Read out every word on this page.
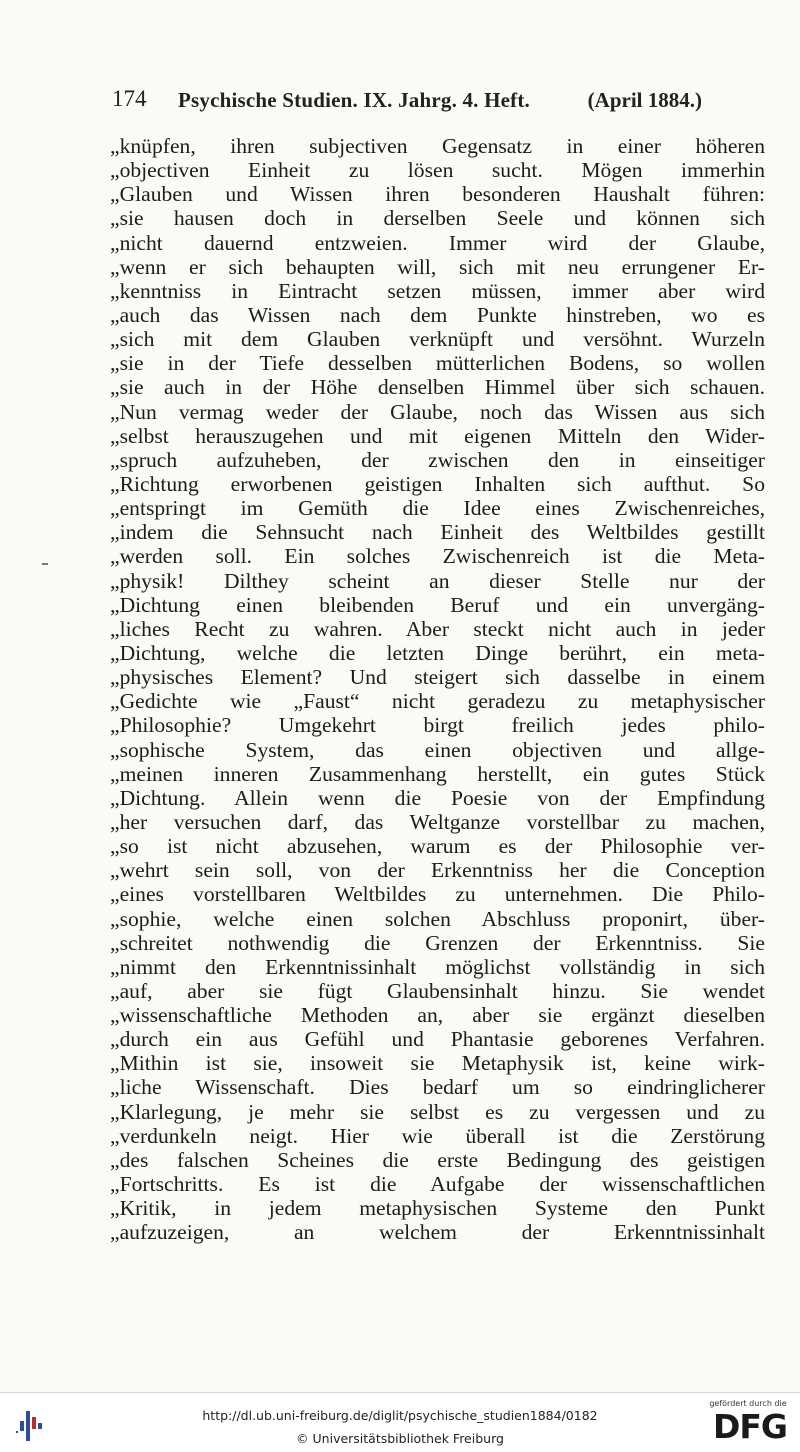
174 Psychische Studien. IX. Jahrg. 4. Heft.	(April 1884.)
„knüpfen, ihren subjectiven Gegensatz in einer höheren
„objectiven Einheit zu lösen sucht. Mögen immerhin
„Glauben und Wissen ihren besonderen Haushalt führen:
„sie hausen doch in derselben Seele und können sich
„nicht dauernd entzweien. Immer wird der Glaube,
„wenn er sich behaupten will, sich mit neu errungener Er-
„kenntniss in Eintracht setzen müssen, immer aber wird
„auch das Wissen nach dem Punkte hinstreben, wo es
„sich mit dem Glauben verknüpft und versöhnt. Wurzeln
„sie in der Tiefe desselben mütterlichen Bodens, so wollen
„sie auch in der Höhe denselben Himmel über sich schauen.
„Nun vermag weder der Glaube, noch das Wissen aus sich
„selbst herauszugehen und mit eigenen Mitteln den Wider-
„spruch aufzuheben, der zwischen den in einseitiger
„Richtung erworbenen geistigen Inhalten sich aufthut. So
„entspringt im Gemüth die Idee eines Zwischenreiches,
„indem die Sehnsucht nach Einheit des Weltbildes gestillt
„werden soll. Ein solches Zwischenreich ist die Meta-
„physik! Dilthey scheint an dieser Stelle nur der
„Dichtung einen bleibenden Beruf und ein unvergäng-
„liches Recht zu wahren. Aber steckt nicht auch in jeder
„Dichtung, welche die letzten Dinge berührt, ein meta-
„physisches Element? Und steigert sich dasselbe in einem
„Gedichte wie „Faust“ nicht geradezu zu metaphysischer
„Philosophie? Umgekehrt birgt freilich jedes philo-
„sophische System, das einen objectiven und allge-
„meinen inneren Zusammenhang herstellt, ein gutes Stück
„Dichtung. Allein wenn die Poesie von der Empfindung
„her versuchen darf, das Weltganze vorstellbar zu machen,
„so ist nicht abzusehen, warum es der Philosophie ver-
„wehrt sein soll, von der Erkenntniss her die Conception
„eines vorstellbaren Weltbildes zu unternehmen. Die Philo-
„sophie, welche einen solchen Abschluss proponirt, über-
„schreitet nothwendig die Grenzen der Erkenntniss. Sie
„nimmt den Erkenntnissinhalt möglichst vollständig in sich
„auf, aber sie fügt Glaubensinhalt hinzu. Sie wendet
„wissenschaftliche Methoden an, aber sie ergänzt dieselben
„durch ein aus Gefühl und Phantasie geborenes Verfahren.
„Mithin ist sie, insoweit sie Metaphysik ist, keine wirk-
„liche Wissenschaft. Dies bedarf um so eindringlicherer
„Klarlegung, je mehr sie selbst es zu vergessen und zu
„verdunkeln neigt. Hier wie überall ist die Zerstörung
„des falschen Scheines die erste Bedingung des geistigen
„Fortschritts. Es ist die Aufgabe der wissenschaftlichen
„Kritik, in jedem metaphysischen Systeme den Punkt
„aufzuzeigen, an welchem der Erkenntnissinhalt
http://dl.ub.uni-freiburg.de/diglit/psychische_studien1884/0182
© Universitätsbibliothek Freiburg
gefördert durch die
DFG
